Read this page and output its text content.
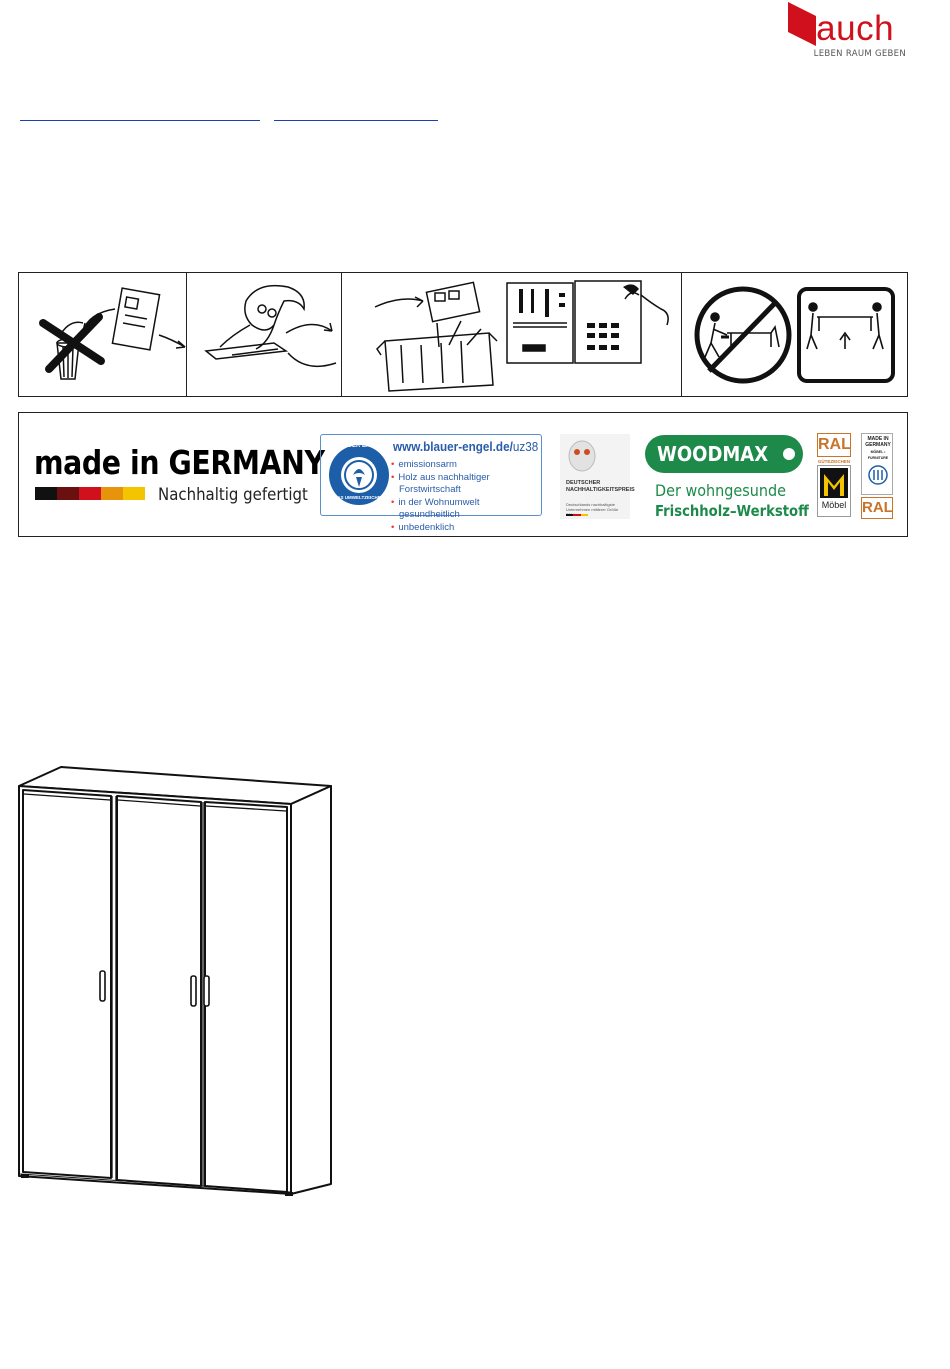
rauch
LEBEN RAUM GEBEN
made in GERMANY
Nachhaltig gefertigt
BLAUER ENGEL
DAS UMWELTZEICHEN
www.blauer-engel.de/uz38
• emissionsarm
• Holz aus nachhaltiger Forstwirtschaft
• in der Wohnumwelt gesundheitlich
• unbedenklich
DEUTSCHER NACHHALTIGKEITSPREIS
Deutschlands nachhaltigste Unternehmen mittlerer Größe
WOODMAX
Der wohngesunde
Frischholz–Werkstoff
RAL
GÜTEZEICHEN
Möbel
MADE IN GERMANY
MÖBEL • FURNITURE
RAL
